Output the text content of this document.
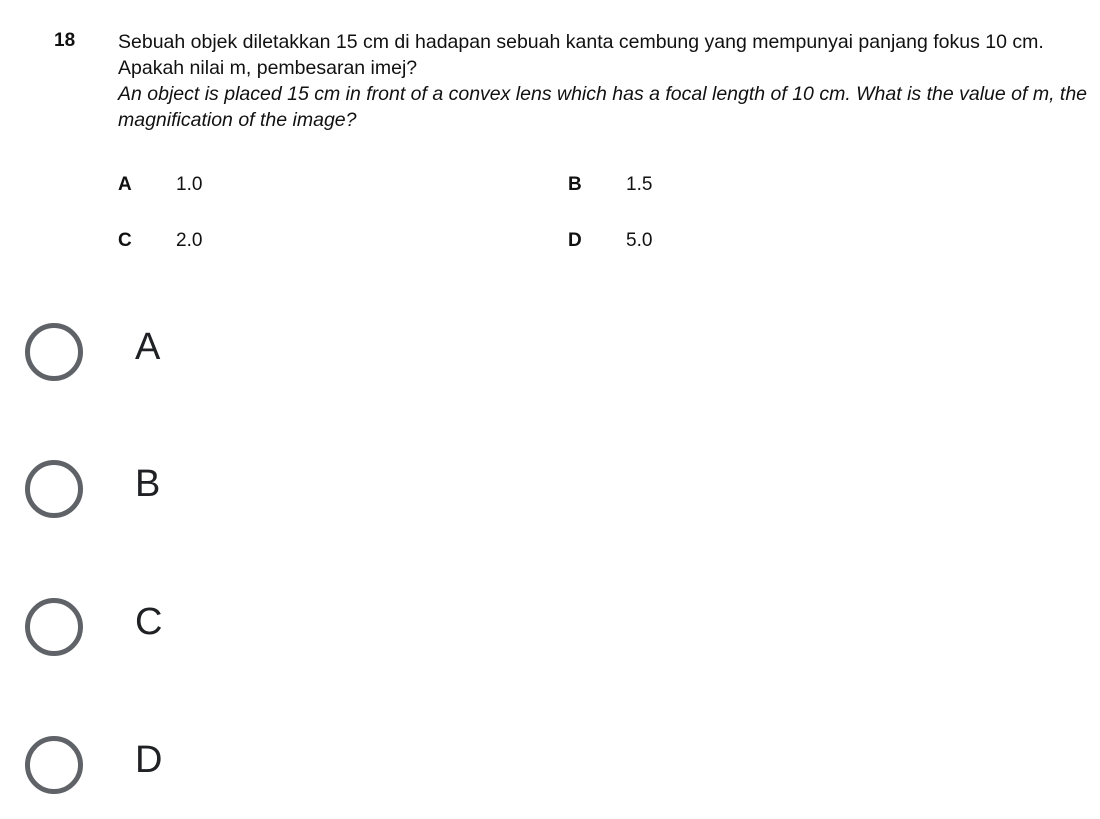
18 Sebuah objek diletakkan 15 cm di hadapan sebuah kanta cembung yang mempunyai panjang fokus 10 cm. Apakah nilai m, pembesaran imej?
An object is placed 15 cm in front of a convex lens which has a focal length of 10 cm. What is the value of m, the magnification of the image?
A 1.0	B 1.5
C 2.0	D 5.0
A
B
C
D
